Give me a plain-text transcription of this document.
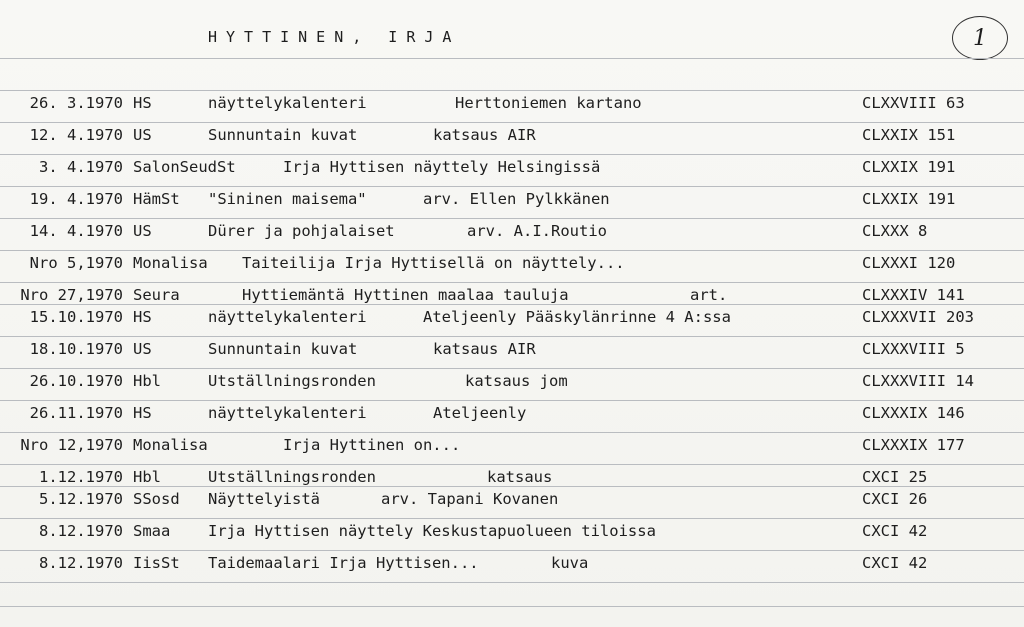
HYTTINEN, IRJA	1
26. 3.1970 HS	näyttelykalenteri	Herttoniemen kartano	CLXXVIII 63
12. 4.1970 US	Sunnuntain kuvat	katsaus AIR	CLXXIX 151
3. 4.1970 SalonSeudSt	Irja Hyttisen näyttely Helsingissä	CLXXIX 191
19. 4.1970 HämSt "Sininen maisema"	arv. Ellen Pylkkänen	CLXXIX 191
14. 4.1970 US	Dürer ja pohjalaiset	arv. A.I.Routio	CLXXX 8
Nro 5,1970 Monalisa Taiteilija Irja Hyttisellä on näyttely...	CLXXXI 120
Nro 27,1970 Seura	Hyttiemäntä Hyttinen maalaa tauluja	art.	CLXXXIV 141
15.10.1970 HS	näyttelykalenteri	Ateljeenly Pääskylänrinne 4 A:ssa	CLXXXVII 203
18.10.1970 US	Sunnuntain kuvat	katsaus AIR	CLXXXVIII 5
26.10.1970 Hbl	Utställningsronden	katsaus jom	CLXXXVIII 14
26.11.1970 HS	näyttelykalenteri	Ateljeenly	CLXXXIX 146
Nro 12,1970 Monalisa	Irja Hyttinen on...	CLXXXIX 177
1.12.1970 Hbl	Utställningsronden	katsaus	CXCI 25
5.12.1970 SSosd Näyttelyistä	arv. Tapani Kovanen	CXCI 26
8.12.1970 Smaa Irja Hyttisen näyttely Keskustapuolueen tiloissa	CXCI 42
8.12.1970 IisSt Taidemaalari Irja Hyttisen...	kuva	CXCI 42
